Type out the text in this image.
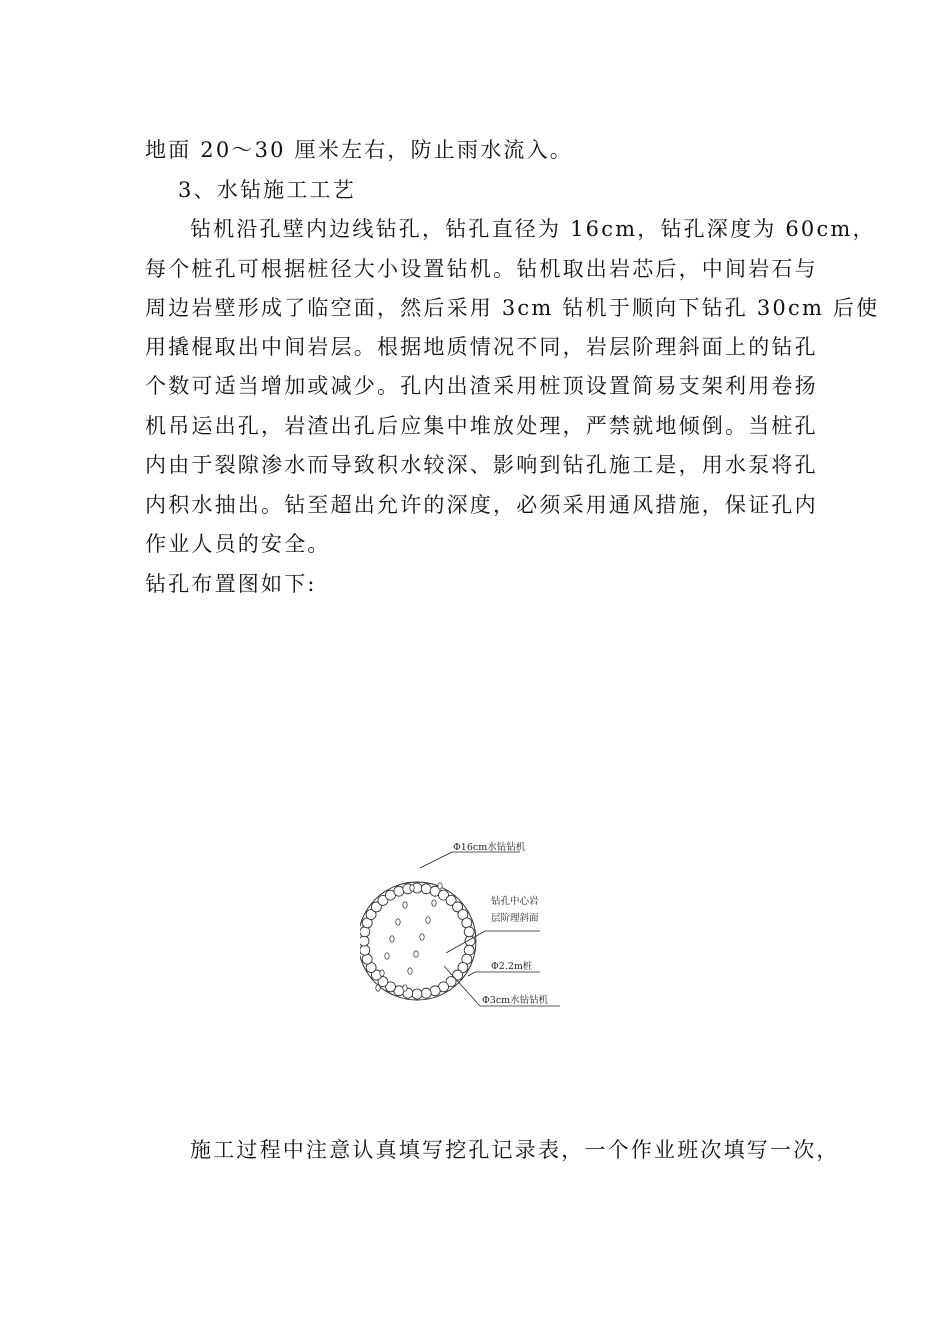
地面 20～30 厘米左右，防止雨水流入。
3、水钻施工工艺
钻机沿孔壁内边线钻孔，钻孔直径为 16cm，钻孔深度为 60cm，
每个桩孔可根据桩径大小设置钻机。钻机取出岩芯后，中间岩石与
周边岩壁形成了临空面，然后采用 3cm 钻机于顺向下钻孔 30cm 后使
用撬棍取出中间岩层。根据地质情况不同，岩层阶理斜面上的钻孔
个数可适当增加或减少。孔内出渣采用桩顶设置简易支架利用卷扬
机吊运出孔，岩渣出孔后应集中堆放处理，严禁就地倾倒。当桩孔
内由于裂隙渗水而导致积水较深、影响到钻孔施工是，用水泵将孔
内积水抽出。钻至超出允许的深度，必须采用通风措施，保证孔内
作业人员的安全。
钻孔布置图如下:
Φ16cm水钻钻机
钻孔中心岩
层阶理斜面
Φ2.2m桩
Φ3cm水钻钻机
施工过程中注意认真填写挖孔记录表，一个作业班次填写一次，
